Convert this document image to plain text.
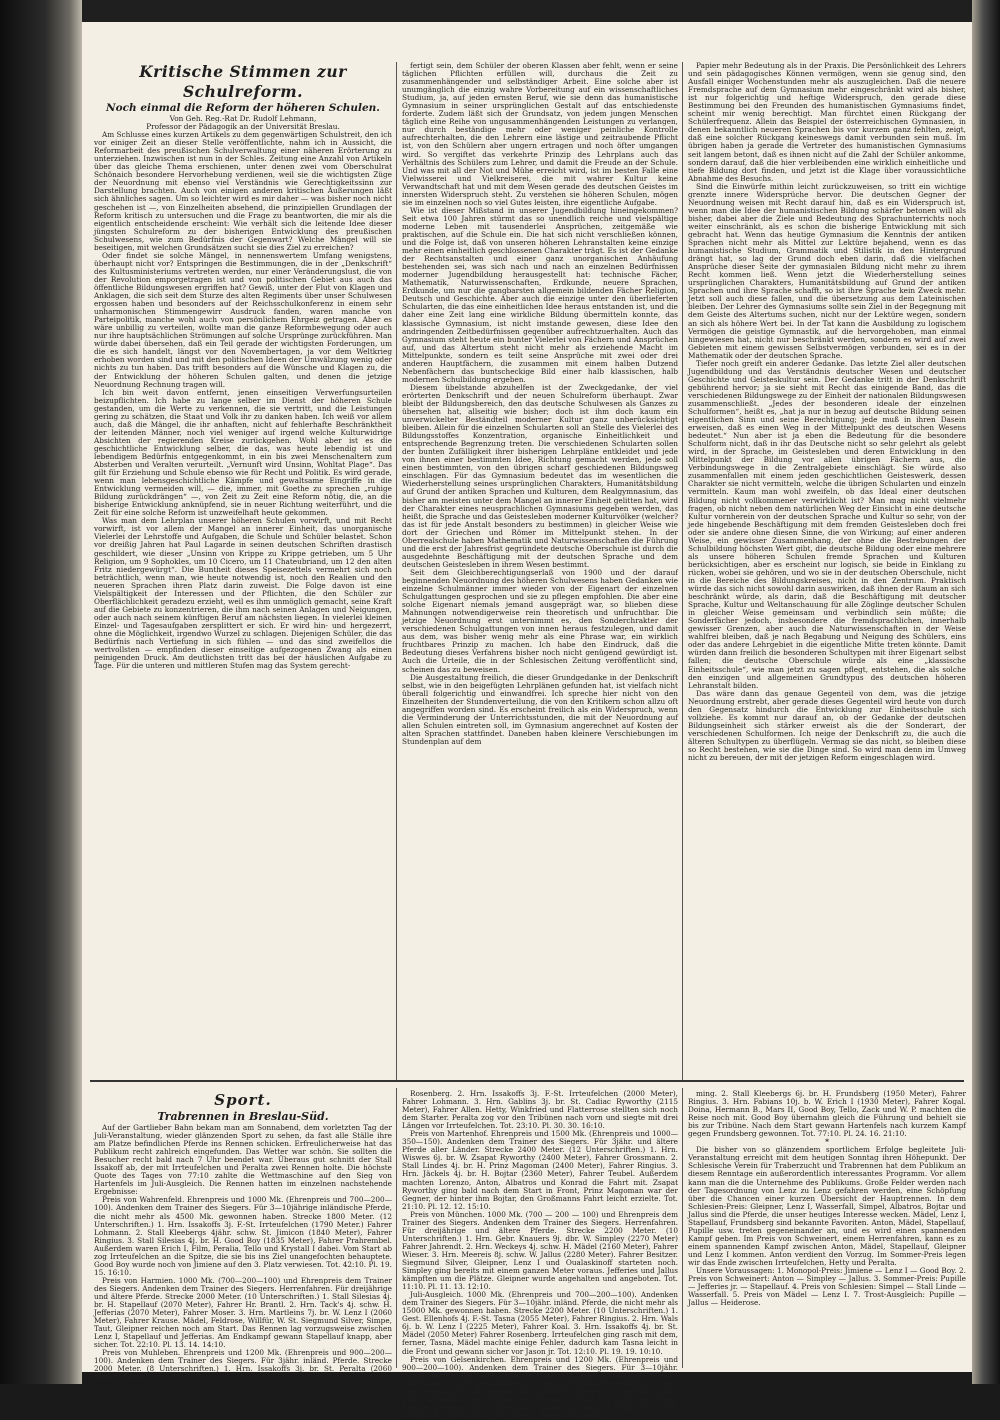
Kritische Stimmen zur Schulreform.

Noch einmal die Reform der höheren Schulen.

Von Geh. Reg.-Rat Dr. Rudolf Lehmann,

Professor der Pädagogik an der Universität Breslau.

Am Schlusse eines kurzen Artikels zu dem gegenwärtigen Schulstreit, den ich vor einiger Zeit an dieser Stelle veröffentlichte, nahm ich in Aussicht, die Reformarbeit des preußischen Schulverwaltung einer näheren Erörterung zu unterziehen. Inzwischen ist nun in der Schles. Zeitung eine Anzahl von Artikeln über das gleiche Thema erschienen, unter denen zwei vom Oberschulrat Schönaich besondere Hervorhebung verdienen, weil sie die wichtigsten Züge der Neuordnung mit ebenso viel Verständnis wie Gerechtigkeitssinn zur Darstellung brachten. Auch von einigen anderen kritischen Äußerungen läßt sich ähnliches sagen. Um so leichter wird es mir daher — was bisher noch nicht geschehen ist —, von Einzelheiten absehend, die prinzipiellen Grundlagen der Reform kritisch zu untersuchen und die Frage zu beantworten, die mir als die eigentlich entscheidende erscheint: Wie verhält sich die leitende Idee dieser jüngsten Schulreform zu der bisherigen Entwicklung des preußischen Schulwesens, wie zum Bedürfnis der Gegenwart? Welche Mängel will sie beseitigen, mit welchen Grundsätzen sucht sie dies Ziel zu erreichen?

Oder findet sie solche Mängel, in nennenswertem Umfang wenigstens, überhaupt nicht vor? Entspringen die Bestimmungen, die in der „Denkschrift“ des Kultusministeriums vertreten werden, nur einer Veränderungslust, die von der Revolution emporgetragen ist und von politischen Gebiet aus auch das öffentliche Bildungswesen ergriffen hat? Gewiß, unter der Flut von Klagen und Anklagen, die sich seit dem Sturze des alten Regiments über unser Schulwesen ergossen haben und besonders auf der Reichsschulkonferenz in einem sehr unharmonischen Stimmengewirr Ausdruck fanden, waren manche von Parteipolitik, manche wohl auch von persönlichem Ehrgeiz getragen. Aber es wäre unbillig zu verteilen, wollte man die ganze Reformbewegung oder auch nur ihre hauptsächlichen Strömungen auf solche Ursprünge zurückführen. Man würde dabei übersehen, daß ein Teil gerade der wichtigsten Forderungen, um die es sich handelt, längst vor den Novembertagen, ja vor dem Weltkrieg erhoben worden sind und mit den politischen Ideen der Umwälzung wenig oder nichts zu tun haben. Das trifft besonders auf die Wünsche und Klagen zu, die der Entwicklung der höheren Schulen galten, und denen die jetzige Neuordnung Rechnung tragen will.

Ich bin weit davon entfernt, jenen einseitigen Verwerfungsurteilen beizupflichten. Ich habe zu lange selber im Dienst der höheren Schule gestanden, um die Werte zu verkennen, die sie vertritt, und die Leistungen gering zu schätzen, die Staat und Volk ihr zu danken haben. Ich weiß vor allem auch, daß die Mängel, die ihr anhaften, nicht auf fehlerhafte Beschränktheit der leitenden Männer, noch viel weniger auf irgend welche Kulturwidrige Absichten der regierenden Kreise zurückgehen. Wohl aber ist es die geschichtliche Entwicklung selber, die das, was heute lebendig ist und lebendigem Bedürfnis entgegenkommt, in ein bis zwei Menschenaltern zum Absterben und Veralten verurteilt. „Vernunft wird Unsinn, Wohltat Plage“. Das gilt für Erziehung und Schule ebenso wie für Recht und Politik. Es wird gerade, wenn man lebensgeschichtliche Kämpfe und gewaltsame Eingriffe in die Entwicklung vermeiden will, — die, immer, mit Goethe zu sprechen „ruhige Bildung zurückdrängen“ —, von Zeit zu Zeit eine Reform nötig, die, an die bisherige Entwicklung anknüpfend, sie in neuer Richtung weiterführt, und die Zeit für eine solche Reform ist unzweifelhaft heute gekommen.

Was man dem Lehrplan unserer höheren Schulen vorwirft, und mit Recht vorwirft, ist vor allem der Mangel an innerer Einheit, das unorganische Vielerlei der Lehrstoffe und Aufgaben, die Schule und Schüler belastet. Schon vor dreißig Jahren hat Paul Lagarde in seinen deutschen Schriften drastisch geschildert, wie dieser „Unsinn von Krippe zu Krippe getrieben, um 5 Uhr Religion, um 9 Sophokles, um 10 Cicero, um 11 Chateubriand, um 12 den alten Fritz niedergewürgt“. Die Buntheit dieses Speisezettels vermehrt sich noch beträchtlich, wenn man, wie heute notwendig ist, noch den Realien und den neueren Sprachen ihren Platz darin zuweist. Die Folge davon ist eine Vielspältigkeit der Interessen und der Pflichten, die den Schüler zur Oberflächlichkeit geradezu erzieht, weil es ihm unmöglich gemacht, seine Kraft auf die Gebiete zu konzentrieren, die ihm nach seinen Anlagen und Neigungen, oder auch nach seinem künftigen Beruf am nächsten liegen. In vielerlei kleinen Einzel- und Tagesaufgaben zersplittert er sich. Er wird hin- und hergezerrt, ohne die Möglichkeit, irgendwo Wurzel zu schlagen. Diejenigen Schüler, die das Bedürfnis nach Vertiefung in sich fühlen — und das sind zweifellos die wertvollsten — empfinden dieser einseitige aufgezogenen Zwang als einen peinigenden Druck. Am deutlichsten tritt das bei der häuslichen Aufgabe zu Tage. Für die unteren und mittleren Stufen mag das System gerecht-

fertigt sein, dem Schüler der oberen Klassen aber fehlt, wenn er seine täglichen Pflichten erfüllen will, durchaus die Zeit zu zusammenhängender und selbständiger Arbeit. Eine solche aber ist unumgänglich die einzig wahre Vorbereitung auf ein wissenschaftliches Studium, ja, auf jeden ernsten Beruf, wie sie denn das humanistische Gymnasium in seiner ursprünglichen Gestalt auf das entschiedenste forderte. Zudem läßt sich der Grundsatz, von jedem jungen Menschen täglich eine Reihe von ungusammenhängenden Leistungen zu verlangen, nur durch beständige mehr oder weniger peinliche Kontrolle aufrechterhalten, die den Lehrern eine lästige und zeitraubende Pflicht ist, von den Schülern aber ungern ertragen und noch öfter umgangen wird. So vergiftet das verkehrte Prinzip des Lehrplans auch das Verhältnis des Schülers zum Lehrer, und damit die Freude an der Schule. Und was mit all der Not und Mühe erreicht wird, ist im besten Falle eine Vielwisserei und Vielkreiserei, die mit wahrer Kultur keine Verwandtschaft hat und mit dem Wesen gerade des deutschen Geistes im innersten Widerspruch steht. Zu verstehen sie höheren Schulen, mögen sie im einzelnen noch so viel Gutes leisten, ihre eigentliche Aufgabe.

Wie ist dieser Mißstand in unserer Jugendbildung hineingekommen? Seit etwa 100 Jahren stürmt das so unendlich reiche und vielspältige moderne Leben mit tausenderlei Ansprüchen, zeitgemäße wie praktischen, auf die Schule ein. Die hat sich nicht verschließen können, und die Folge ist, daß von unseren höheren Lehranstalten keine einzige mehr einen einheitlich geschlossenen Charakter trägt. Es ist der Gedanke der Rechtsanstalten und einer ganz unorganischen Anhäufung bestehenden sei, was sich nach und nach an einzelnen Bedürfnissen moderner Jugendbildung herausgestellt hat: technische Fächer, Mathematik, Naturwissenschaften, Erdkunde, neuere Sprachen, Erdkunde, um nur die gangbarsten allgemein bildenden Fächer Religion, Deutsch und Geschichte. Aber auch die einzige unter den überlieferten Schularten, die das eine einheitlichen Idee heraus entstanden ist, und die daher eine Zeit lang eine wirkliche Bildung übermitteln konnte, das klassische Gymnasium, ist nicht imstande gewesen, diese Idee den andringenden Zeitbedürfnissen gegenüber aufrechtzuerhalten. Auch das Gymnasium steht heute ein bunter Vielerlei von Fächern und Ansprüchen auf, und das Altertum steht nicht mehr als erziehende Macht im Mittelpunkte, sondern es teilt seine Ansprüche mit zwei oder drei anderen Hauptfächern, die zusammen mit einem halben Dutzend Nebenfächern das buntscheckige Bild einer halb klassischen, halb modernen Schulbildung ergeben.

Diesem übelstande abzuhelfen ist der Zweckgedanke, der viel erörterten Denkschrift und der neuen Schulreform überhaupt. Zwar bleibt der Bildungsbereich, den das deutsche Schulwesen als Ganzes zu übersehen hat, allseitig wie bisher; doch ist ihm doch kaum ein unverwickelter Beständteil moderner Kultur ganz unberücksichtigt bleiben. Allein für die einzelnen Schularten soll an Stelle des Vielerlei des Bildungsstoffes Konzentration, organische Einheitlichkeit und entsprechende Begrenzung treten. Die verschiedenen Schularten sollen der bunten Zufälligkeit ihrer bisherigen Lehrpläne entkleidet und jede von ihnen einer bestimmten Idee, Richtung gemacht werden, jede soll einen bestimmten, von den übrigen scharf geschiedenen Bildungsweg einschlagen. Für das Gymnasium bedeutet das im wesentlichen die Wiederherstellung seines ursprünglichen Charakters, Humanitätsbildung auf Grund der antiken Sprachen und Kulturen, dem Realgymnasium, das bisher am meisten unter dem Mangel an innerer Einheit gelitten hat, wird der Charakter eines neusprachlichen Gymnasiums gegeben werden, das heißt, die Sprache und das Geistesleben moderner Kulturvölker (welcher? das ist für jede Anstalt besonders zu bestimmen) in gleicher Weise wie dort der Griechen und Römer im Mittelpunkt stehen. In der Oberrealschule haben Mathematik und Naturwissenschaften die Führung und die erst der Jahresfrist gegründete deutsche Oberschule ist durch die ausgedehnte Beschäftigung mit der deutschen Sprache und dem deutschen Geistesleben in ihrem Wesen bestimmt.

Seit dem Gleichberechtigungserlaß von 1900 und der darauf beginnenden Neuordnung des höheren Schulwesens haben Gedanken wie einzelne Schulmänner immer wieder von der Eigenart der einzelnen Schulgattungen gesprochen und sie zu pflegen empfohlen. Die aber eine solche Eigenart niemals jemand ausgeprägt war, so blieben diese Mahnungen notwendigerweise rein theoretisch und unfruchtbar. Die jetzige Neuordnung erst unternimmt es, den Sonderchrakter der verschiedenen Schulgattungen von innen heraus festzulegen, und damit aus dem, was bisher wenig mehr als eine Phrase war, ein wirklich fruchtbares Prinzip zu machen. Ich habe den Eindruck, daß die Bedeutung dieses Verfahrens bisher noch nicht genügend gewürdigt ist. Auch die Urteile, die in der Schlesischen Zeitung veröffentlicht sind, scheinen das zu beweisen.

Die Ausgestaltung freilich, die dieser Grundgedanke in der Denkschrift selbst, wie in den beigefügten Lehrplänen gefunden hat, ist vielfach nicht überall folgerichtig und einwandfrei. Ich spreche hier nicht von den Einzelheiten der Stundenverteilung, die von den Kritikern schon allzu oft angegriffen worden sind. Es erscheint freilich als ein Widerspruch, wenn die Verminderung der Unterrichtsstunden, die mit der Neuordnung auf allen Schulen eintreten soll, im Gymnasium angerechnet auf Kosten der alten Sprachen stattfindet. Daneben haben kleinere Verschiebungen im Stundenplan auf dem

Papier mehr Bedeutung als in der Praxis. Die Persönlichkeit des Lehrers und sein pädagogisches Können vermögen, wenn sie genug sind, den Ausfall einiger Wochenstunden mehr als auszugleichen. Daß die neuere Fremdsprache auf dem Gymnasium mehr eingeschränkt wird als bisher, ist nur folgerichtig und heftige Widerspruch, den gerade diese Bestimmung bei den Freunden des humanistischen Gymnasiums findet, scheint mir wenig berechtigt. Man fürchtet einen Rückgang der Schülerfrequenz. Allein das Beispiel der österreichischen Gymnasien, in denen bekanntlich neueren Sprachen bis vor kurzem ganz fehlten, zeigt, daß eine solcher Rückgang keineswegs damit verbunden sein muß. Im übrigen haben ja gerade die Vertreter des humanistischen Gymnasiums seit langem betont, daß es ihnen nicht auf die Zahl der Schüler ankomme, sondern darauf, daß die hier verbleibenden eine wirklich einheitliche und tiefe Bildung dort finden, und jetzt ist die Klage über voraussichtliche Abnahme des Besuchs.

Sind die Einwürfe mithin leicht zurückzuweisen, so tritt ein wichtige grenzte innere Widersprüche hervor. Die deutschen Gegner der Neuordnung weisen mit Recht darauf hin, daß es ein Widerspruch ist, wenn man die Idee der humanistischen Bildung schärfer betonen will als bisher, dabei aber die Ziele und Bedeutung des Sprachunterrichts noch weiter einschränkt, als es schon die bisherige Entwicklung mit sich gebracht hat. Wenn das heutige Gymnasium die Kenntnis der antiken Sprachen nicht mehr als Mittel zur Lektüre bejahend, wenn es das humanistische Studium, Grammatik und Stilistik in den Hintergrund drängt hat, so lag der Grund doch eben darin, daß die vielfachen Ansprüche dieser Seite der gymnasialen Bildung nicht mehr zu ihrem Recht kommen ließ. Wenn jetzt die Wiederherstellung seines ursprünglichen Charakters, Humanitätsbildung auf Grund der antiken Sprachen und ihre Sprache schafft, so ist ihre Sprache kein Zweck mehr. Jetzt soll auch diese fallen, und die übersetzung aus dem Lateinischen bleiben. Der Lehrer des Gymnasiums sollte sein Ziel in der Begegnung mit dem Geiste des Altertums suchen, nicht nur der Lektüre wegen, sondern an sich als höhere Wert bei. In der Tat kann die Ausbildung zu logischem Vermögen die geistige Gymnastik, auf die hervorgehoben, man einmal hingewiesen hat, nicht nur beschränkt werden, sondern es wird auf zwei Gebieten mit einem gewissen Selbstvermögen verbunden, sei es in der Mathematik oder der deutschen Sprache.

Tiefer noch greift ein anderer Gedanke. Das letzte Ziel aller deutschen Jugendbildung und das Verständnis deutscher Wesen und deutscher Geschichte und Geisteskultur sein. Der Gedanke tritt in der Denkschrift gebührend hervor; ja sie sieht mit Recht das einigende Band, das die verschiedenen Bildungswege zu der Einheit der nationalen Bildungswesen zusammenschließt. „Jedes der besonderen ideale der einzelnen Schulformen“, heißt es, „hat ja nur in bezug auf deutsche Bildung seinen eigentlichen Sinn und seine Berechtigung; jede muß in ihren Dasein erweisen, daß es einen Weg in der Mittelpunkt des deutschen Wesens bedeutet.“ Nun aber ist ja eben die Bedeutung für die besondere Schulform nicht, daß in ihr das Deutsche nicht so sehr gelehrt als gelebt wird, in der Sprache, im Geistesleben und deren Entwicklung in den Mittelpunkt der Bildung vor allen übrigen Fächern aus, die Verbindungswege in die Zentralgebiete einschlägt. Sie würde also zusammenfallen mit einem jeden geschichtlichen Geisteswerk, dessen Charakter sie nicht vermitteln, welche die übrigen Schularten und einzeln vermitteln. Kaum man wohl zweifeln, ob das Ideal einer deutschen Bildung nicht vollkommener verwirklicht ist? Man mag nicht vielmehr fragen, ob nicht neben dem natürlichen Weg der Einsicht in eine deutsche Kultur vornherein von der deutschen Sprache und Kultur so sehr, von der jede hingebende Beschäftigung mit dem fremden Geistesleben doch frei oder sie andere ohne diesen Sinne, die von Wirkung; auf einer anderen Weise, ein gewisser Zusammenhang, der ohne die Bestrebungen der Schulbildung höchsten Wert gibt, die deutsche Bildung oder eine mehrere als unsere höheren Schulen fremde Sprachen und Kulturen berücksichtigen, aber es erscheint nur logisch, sie beide in Einklang zu rücken, wobei sie gehören, und wo sie in der deutschen Oberschule, nicht in die Bereiche des Bildungskreises, nicht in den Zentrum. Praktisch würde das sich nicht sowohl darin auswirken, daß ihnen der Raum an sich beschränkt würde, als darin, daß die Beschäftigung mit deutscher Sprache, Kultur und Weltanschauung für alle Zöglinge deutscher Schulen in gleicher Weise gemeinsam und verbindlich sein müßte; die Sonderfächer jedoch, insbesondere die fremdsprachlichen, innerhalb gewisser Grenzen, aber auch die Naturwissenschaften in der Weise wahlfrei bleiben, daß je nach Begabung und Neigung des Schülers, eins oder das andere Lehrgebiet in die eigentliche Mitte treten könnte. Damit würden dann freilich die besonderen Schultypen mit ihrer Eigenart selbst fallen; die deutsche Oberschule würde als eine „klassische Einheitsschule“, wie man jetzt zu sagen pflegt, entstehen, die als solche den einzigen und allgemeinen Grundtypus des deutschen höheren Lehranstalt bilden.

Das wäre dann das genaue Gegenteil von dem, was die jetzige Neuordnung erstrebt, aber gerade dieses Gegenteil wird heute von durch den Gegensatz hindurch die Entwicklung zur Einheitsschule sich vollziehe. Es kommt nur darauf an, ob der Gedanke der deutschen Bildungseinheit sich stärker erweist als die der Sonderart, der verschiedenen Schulformen. Ich neige der Denkschrift zu, die auch die älteren Schultypen zu überflügeln. Vermag sie das nicht, so bleiben diese so Recht bestehen, wie sie die Dinge sind. So wird man denn im Umweg nicht zu bereuen, der mit der jetzigen Reform eingeschlagen wird.

Sport.

Trabrennen in Breslau-Süd.

Auf der Gartlieber Bahn bekam man am Sonnabend, dem vorletzten Tag der Juli-Veranstaltung, wieder glänzenden Sport zu sehen, da fast alle Ställe ihre am Platze befindlichen Pferde ins Rennen schicken. Erfreulicherweise hat das Publikum recht zahlreich eingefunden. Das Wetter war schön. Sie sollten die Besucher recht bald nach 7 Uhr beendet war. Überaus gut schnitt der Stall Issakoff ab, der mit Irrteufelchen und Peralta zwei Rennen holte. Die höchste Quote des Tages von 77:10 zahlte die Wettmaschine auf den Sieg von Hartenfels im Juli-Ausgleich. Die Rennen hatten im einzelnen nachstehende Ergebnisse:

Preis von Wahrenfeld. Ehrenpreis und 1000 Mk. (Ehrenpreis und 700—200—100). Andenken dem Trainer des Siegers. Für 3—10jährige inländische Pferde, die nicht mehr als 4500 Mk. gewonnen haben. Strecke 1800 Meter. (12 Unterschriften.) 1. Hrn. Issakoffs 3j. F.-St. Irrteufelchen (1790 Meter.) Fahrer Lohmann. 2. Stall Kleebergs 4jähr. schw. St. Jimicon (1840 Meter), Fahrer Ringius. 3. Stall Silesias 4j. br. H. Good Boy (1835 Meter), Fahrer Prahrembel. Außerdem waren Erich I, Film, Peralia, Tello und Krystall I dabei. Vom Start ab zog Irrteufelchen an die Spitze, die sie bis ins Ziel unangefochten behauptete. Good Boy wurde noch von Jimiene auf den 3. Platz verwiesen. Tot. 42:10. Pl. 19. 15. 16:10.

Preis von Harmien. 1000 Mk. (700—200—100) und Ehrenpreis dem Trainer des Siegers. Andenken dem Trainer des Siegers. Herrenfahren. Für dreijährige und ältere Pferde. Strecke 2000 Meter. (10 Unterschriften.) 1. Stall Silesias 4j. br. H. Stapellauf (2070 Meter), Fahrer Hr. Brantl. 2. Hrn. Tack's 4j. schw. H. Jefferias (2070 Meter), Fahrer Moser. 3. Hrn. Martleins 7j. br. W. Lenz I (2060 Meter), Fahrer Krause. Mädel, Feldrose, Willfür, W. St. Siegmund Silver, Simpe, Taut, Gleipner reichen noch am Start. Das Rennen lag vorzugsweise zwischen Lenz I, Stapellauf und Jefferias. Am Endkampf gewann Stapellauf knapp, aber sicher. Tot. 22:10. Pl. 13. 14. 14:10.

Preis von Muhleben. Ehrenpreis und 1200 Mk. (Ehrenpreis und 900—200—100). Andenken dem Trainer des Siegers. Für 3jähr. inländ. Pferde. Strecke 2000 Meter. (8 Unterschriften.) 1. Hrn. Issakoffs 3j. br. St. Peralta (2060 Meter), Fahrer

Rosenberg. 2. Hrn. Issakoffs 3j. F.-St. Irrteufelchen (2000 Meter), Fahrer Lohmann. 3. Hrn. Gablins 3j. br. St. Cadiac Ryworthy (2115 Meter), Fahrer Allen. Hetty, Winkfried und Flatterrose stellten sich noch dem Starter. Peralta zog vor den Tribünen nach vorn und siegte mit drei Längen vor Irrteufelchen. Tot. 23:10. Pl. 30. 30. 16:10.

Preis von Martenhof. Ehrenpreis und 1500 Mk. (Ehrenpreis und 1000—350—150). Andenken dem Trainer des Siegers. Für 3jähr. und ältere Pferde aller Länder. Strecke 2400 Meter. (12 Unterschriften.) 1. Hrn. Wiswes 6j. br. W. Zsapat Ryworthy (2400 Meter), Fahrer Grossmann. 2. Stall Lindes 4j. br. H. Prinz Magoman (2400 Meter), Fahrer Ringius. 3. Hrn. Jäckels 4j. br. H. Bojtar (2360 Meter), Fahrer Teubel. Außerdem machten Lorenzo, Anton, Albatros und Konrad die Fahrt mit. Zsapat Ryworthy ging bald nach dem Start in Front, Prinz Magoman war der Gegner, der hinter ihm Bojtar, den Großmanns Fahrt leicht erzielte. Tot. 21:10. Pl. 12. 12. 15:10.

Preis von München. 1000 Mk. (700 — 200 — 100) und Ehrenpreis dem Trainer des Siegers. Andenken dem Trainer des Siegers. Herrenfahren. Für dreijährige und ältere Pferde. Strecke 2200 Meter. (10 Unterschriften.) 1. Hrn. Gebr. Knauers 9j. dbr. W. Simpley (2270 Meter) Fahrer Jahrendt. 2. Hrn. Weckeys 4j. schw. H. Mädel (2160 Meter), Fahrer Wieser. 3. Hrn. Meereis 8j. schw. W. Jallus (2280 Meter). Fahrer Besitzer. Siegmund Silver, Gleipner, Lenz I und Oualaskinoff starteten noch. Simpley ging bereits mit einem ganzen Meter voraus. Jefferies und Jallus kämpften um die Plätze. Gleipner wurde angehalten und angeboten. Tot. 11:10. Pl. 11. 13. 12:10.

Juli-Ausgleich. 1000 Mk. (Ehrenpreis und 700—200—100). Andenken dem Trainer des Siegers. Für 3—10jähr. inländ. Pferde, die nicht mehr als 15000 Mk. gewonnen haben. Strecke 2200 Meter. (10 Unterschriften.) 1. Gest. Ellenhofs 4j. F.-St. Tasna (2055 Meter), Fahrer Ringius. 2. Hrn. Wals 6j. b. W. Lenz I (2225 Meter), Fahrer Koal. 3. Hrn. Issakoffs 4j. br. St. Mädel (2050 Meter) Fahrer Rosenberg. Irrteufelchen ging rasch mit dem, ferner, Tasna, Mädel machte einige Fehler, dadurch kam Tasna leicht in die Front und gewann sicher vor Jason jr. Tot. 12:10. Pl. 19. 19. 10:10.

Preis von Gelsenkirchen. Ehrenpreis und 1200 Mk. (Ehrenpreis und 900—200—100). Andenken dem Trainer des Siegers. Für 3—10jähr. inländ. Pferde, die nicht mehr als 15000 Mk. gewonnen haben. Strecke 2200 Meter. (10 Unterschriften.) 1. Gest. Ellenhofs. Herrenfahren. Preis von Gelsenkirchen. Ehrenpreis und 1000 Mk. (Ehrenpreis und 700—200—100). Andenken dem Trainer des Siegers. Für 3- bis 10jährige inländ. Pferde. Strecke 1900 Meter. (12 Unterschriften.) 1. Stall Wals 10j. schwbr. H. Hartenfels (1970 Meter). Fahrer Frömming.

ming. 2. Stall Kleebergs 6j. br. H. Frundsberg (1950 Meter), Fahrer Ringius. 3. Hrn. Fabians 10j. b. W. Erich I (1930 Meter), Fahrer Kogal. Doina, Hermann B., Mars II, Good Boy, Tello, Zack und W. P. machten die Reise noch mit. Good Boy übernahm gleich die Führung und behielt sie bis zur Tribüne. Nach dem Start gewann Hartenfels nach kurzem Kampf gegen Frundsberg gewonnen. Tot. 77:10. Pl. 24. 16. 21:10.

*

Die bisher von so glänzendem sportlichem Erfolge begleitete Juli-Veranstaltung erreicht mit dem heutigen Sonntag ihren Höhepunkt. Der Schlesische Verein für Traberzucht und Trabrennen hat dem Publikum an diesem Renntage ein außerordentlich interessantes Programm. Vor allem kann man die die Unternehme des Publikums. Große Felder werden nach der Tagesordnung von Lenz zu Lenz gefahren werden, eine Schöpfung über die Chancen einer kurzen Übersicht der Hauptrennen. In dem Schlesien-Preis: Gleipner, Lenz I, Wasserfall, Simpel, Albatros, Bojtar und Jallus sind die Pferde, die unser heutiges Interesse wecken. Mädel, Lenz I, Stapellauf, Frundsberg sind bekannte Favoriten. Anton, Mädel, Stapellauf, Pupille usw. treten gegeneinander an, und es wird einen spannenden Kampf geben. Im Preis von Schweinert, einem Herrenfahren, kann es zu einem spannenden Kampf zwischen Anton, Mädel, Stapellauf, Gleipner und Lenz I kommen. Anton verdient den Vorzug. Im Sommer-Preis legen wir das Ende zwischen Irrteufelchen, Hetty und Peralta.

Unsere Voraussagen: 1. Monopol-Preis: Jimiene — Lenz I — Good Boy. 2. Preis von Schweinert: Anton — Simpley — Jallus. 3. Sommer-Preis: Pupille — Jefferies jr. — Stapellauf. 4. Preis von Schlesien: Simpel — Stall Linde — Wasserfall. 5. Preis von Mädel — Lenz I. 7. Trost-Ausgleich: Pupille — Jallus — Heiderose.
